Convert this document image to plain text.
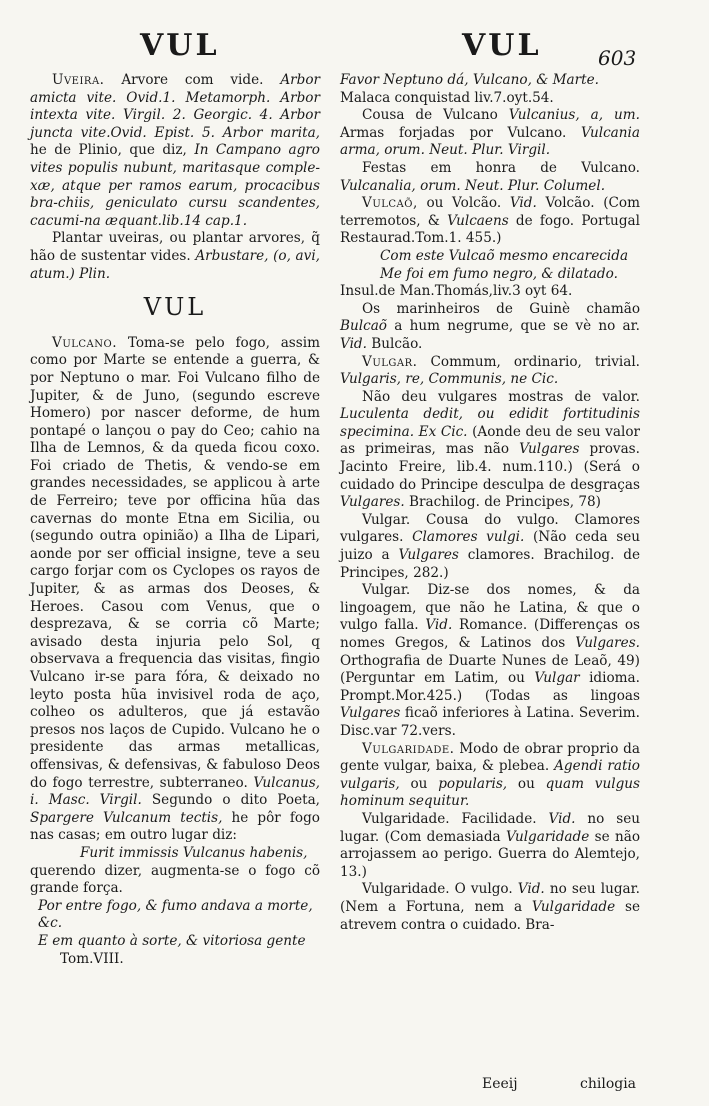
VUL	VUL	603

Uveira. Arvore com vide. Arbor amicta vite. Ovid.1. Metamorph. Arbor intexta vite. Virgil. 2. Georgic. 4. Arbor juncta vite.Ovid. Epist. 5. Arbor marita, he de Plinio, que diz, In Campano agro vites populis nubunt, maritasque comple-xæ, atque per ramos earum, procacibus bra-chiis, geniculato cursu scandentes, cacumi-na æquant.lib.14 cap.1.

Plantar uveiras, ou plantar arvores, q̃ hão de sustentar vides. Arbustare, (o, avi, atum.) Plin.

VUL

Vulcano. Toma-se pelo fogo, assim como por Marte se entende a guerra, & por Neptuno o mar. Foi Vulcano filho de Jupiter, & de Juno, (segundo escreve Homero) por nascer deforme, de hum pontapé o lançou o pay do Ceo; cahio na Ilha de Lemnos, & da queda ficou coxo. Foi criado de Thetis, & vendo-se em grandes necessidades, se applicou à arte de Ferreiro; teve por officina hũa das cavernas do monte Etna em Sicilia, ou (segundo outra opinião) a Ilha de Lipari, aonde por ser official insigne, teve a seu cargo forjar com os Cyclopes os rayos de Jupiter, & as armas dos Deoses, & Heroes. Casou com Venus, que o desprezava, & se corria cõ Marte; avisado desta injuria pelo Sol, q observava a frequencia das visitas, fingio Vulcano ir-se para fóra, & deixado no leyto posta hũa invisivel roda de aço, colheo os adulteros, que já estavão presos nos laços de Cupido. Vulcano he o presidente das armas metallicas, offensivas, & defensivas, & fabuloso Deos do fogo terrestre, subterraneo. Vulcanus, i. Masc. Virgil. Segundo o dito Poeta, Spargere Vulcanum tectis, he pôr fogo nas casas; em outro lugar diz:

Furit immissis Vulcanus habenis,

querendo dizer, augmenta-se o fogo cõ grande força.

Por entre fogo, & fumo andava a morte, &c.

E em quanto à sorte, & vitoriosa gente

Tom.VIII.

Favor Neptuno dá, Vulcano, & Marte.

Malaca conquistad liv.7.oyt.54.

Cousa de Vulcano Vulcanius, a, um. Armas forjadas por Vulcano. Vulcania arma, orum. Neut. Plur. Virgil.

Festas em honra de Vulcano. Vulcanalia, orum. Neut. Plur. Columel.

Vulcaõ, ou Volcão. Vid. Volcão. (Com terremotos, & Vulcaens de fogo. Portugal Restaurad.Tom.1. 455.)

Com este Vulcaõ mesmo encarecida

Me foi em fumo negro, & dilatado.

Insul.de Man.Thomás,liv.3 oyt 64.

Os marinheiros de Guinè chamão Bulcaõ a hum negrume, que se vè no ar. Vid. Bulcão.

Vulgar. Commum, ordinario, trivial. Vulgaris, re, Communis, ne Cic.

Não deu vulgares mostras de valor. Luculenta dedit, ou edidit fortitudinis specimina. Ex Cic. (Aonde deu de seu valor as primeiras, mas não Vulgares provas. Jacinto Freire, lib.4. num.110.) (Será o cuidado do Principe desculpa de desgraças Vulgares. Brachilog. de Principes, 78)

Vulgar. Cousa do vulgo. Clamores vulgares. Clamores vulgi. (Não ceda seu juizo a Vulgares clamores. Brachilog. de Principes, 282.)

Vulgar. Diz-se dos nomes, & da lingoagem, que não he Latina, & que o vulgo falla. Vid. Romance. (Differenças os nomes Gregos, & Latinos dos Vulgares. Orthografia de Duarte Nunes de Leaõ, 49) (Perguntar em Latim, ou Vulgar idioma. Prompt.Mor.425.) (Todas as lingoas Vulgares ficaõ inferiores à Latina. Severim. Disc.var 72.vers.

Vulgaridade. Modo de obrar proprio da gente vulgar, baixa, & plebea. Agendi ratio vulgaris, ou popularis, ou quam vulgus hominum sequitur.

Vulgaridade. Facilidade. Vid. no seu lugar. (Com demasiada Vulgaridade se não arrojassem ao perigo. Guerra do Alemtejo, 13.)

Vulgaridade. O vulgo. Vid. no seu lugar. (Nem a Fortuna, nem a Vulgaridade se atrevem contra o cuidado. Bra-

Eeeij	chilogia
